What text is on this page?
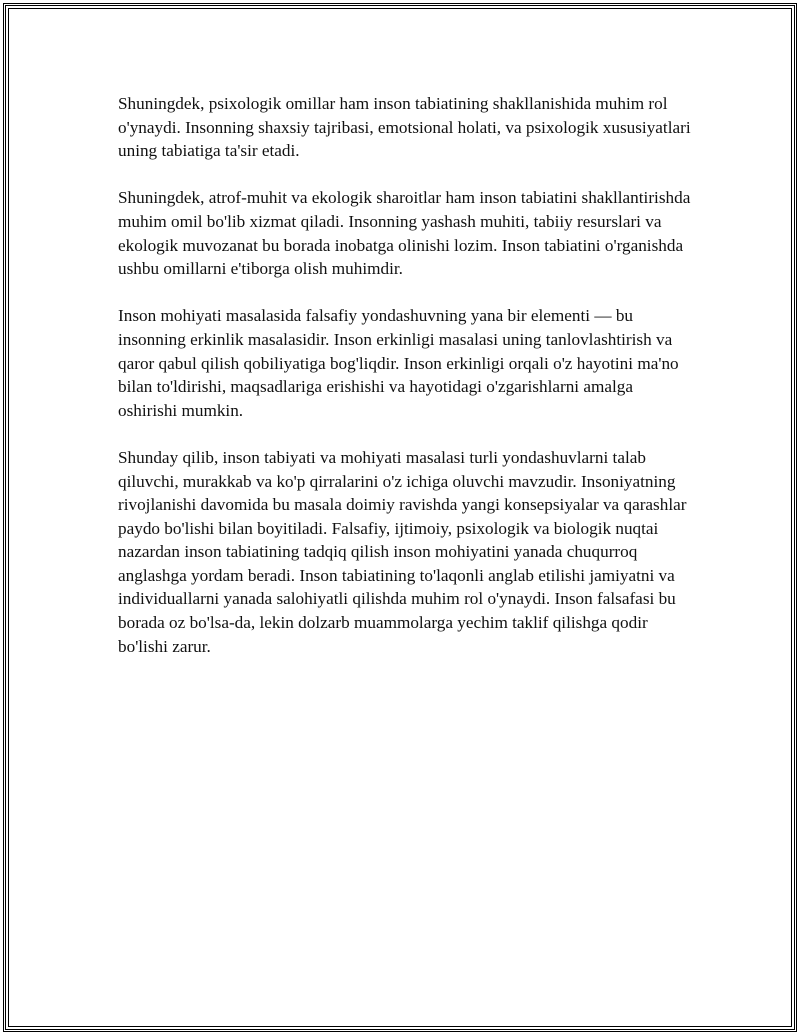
Shuningdek, psixologik omillar ham inson tabiatining shakllanishida muhim rol o'ynaydi. Insonning shaxsiy tajribasi, emotsional holati, va psixologik xususiyatlari uning tabiatiga ta'sir etadi.

Shuningdek, atrof-muhit va ekologik sharoitlar ham inson tabiatini shakllantirishda muhim omil bo'lib xizmat qiladi. Insonning yashash muhiti, tabiiy resurslari va ekologik muvozanat bu borada inobatga olinishi lozim. Inson tabiatini o'rganishda ushbu omillarni e'tiborga olish muhimdir.

Inson mohiyati masalasida falsafiy yondashuvning yana bir elementi — bu insonning erkinlik masalasidir. Inson erkinligi masalasi uning tanlovlashtirish va qaror qabul qilish qobiliyatiga bog'liqdir. Inson erkinligi orqali o'z hayotini ma'no bilan to'ldirishi, maqsadlariga erishishi va hayotidagi o'zgarishlarni amalga oshirishi mumkin.

Shunday qilib, inson tabiyati va mohiyati masalasi turli yondashuvlarni talab qiluvchi, murakkab va ko'p qirralarini o'z ichiga oluvchi mavzudir. Insoniyatning rivojlanishi davomida bu masala doimiy ravishda yangi konsepsiyalar va qarashlar paydo bo'lishi bilan boyitiladi. Falsafiy, ijtimoiy, psixologik va biologik nuqtai nazardan inson tabiatining tadqiq qilish inson mohiyatini yanada chuqurroq anglashga yordam beradi. Inson tabiatining to'laqonli anglab etilishi jamiyatni va individuallarni yanada salohiyatli qilishda muhim rol o'ynaydi. Inson falsafasi bu borada oz bo'lsa-da, lekin dolzarb muammolarga yechim taklif qilishga qodir bo'lishi zarur.
